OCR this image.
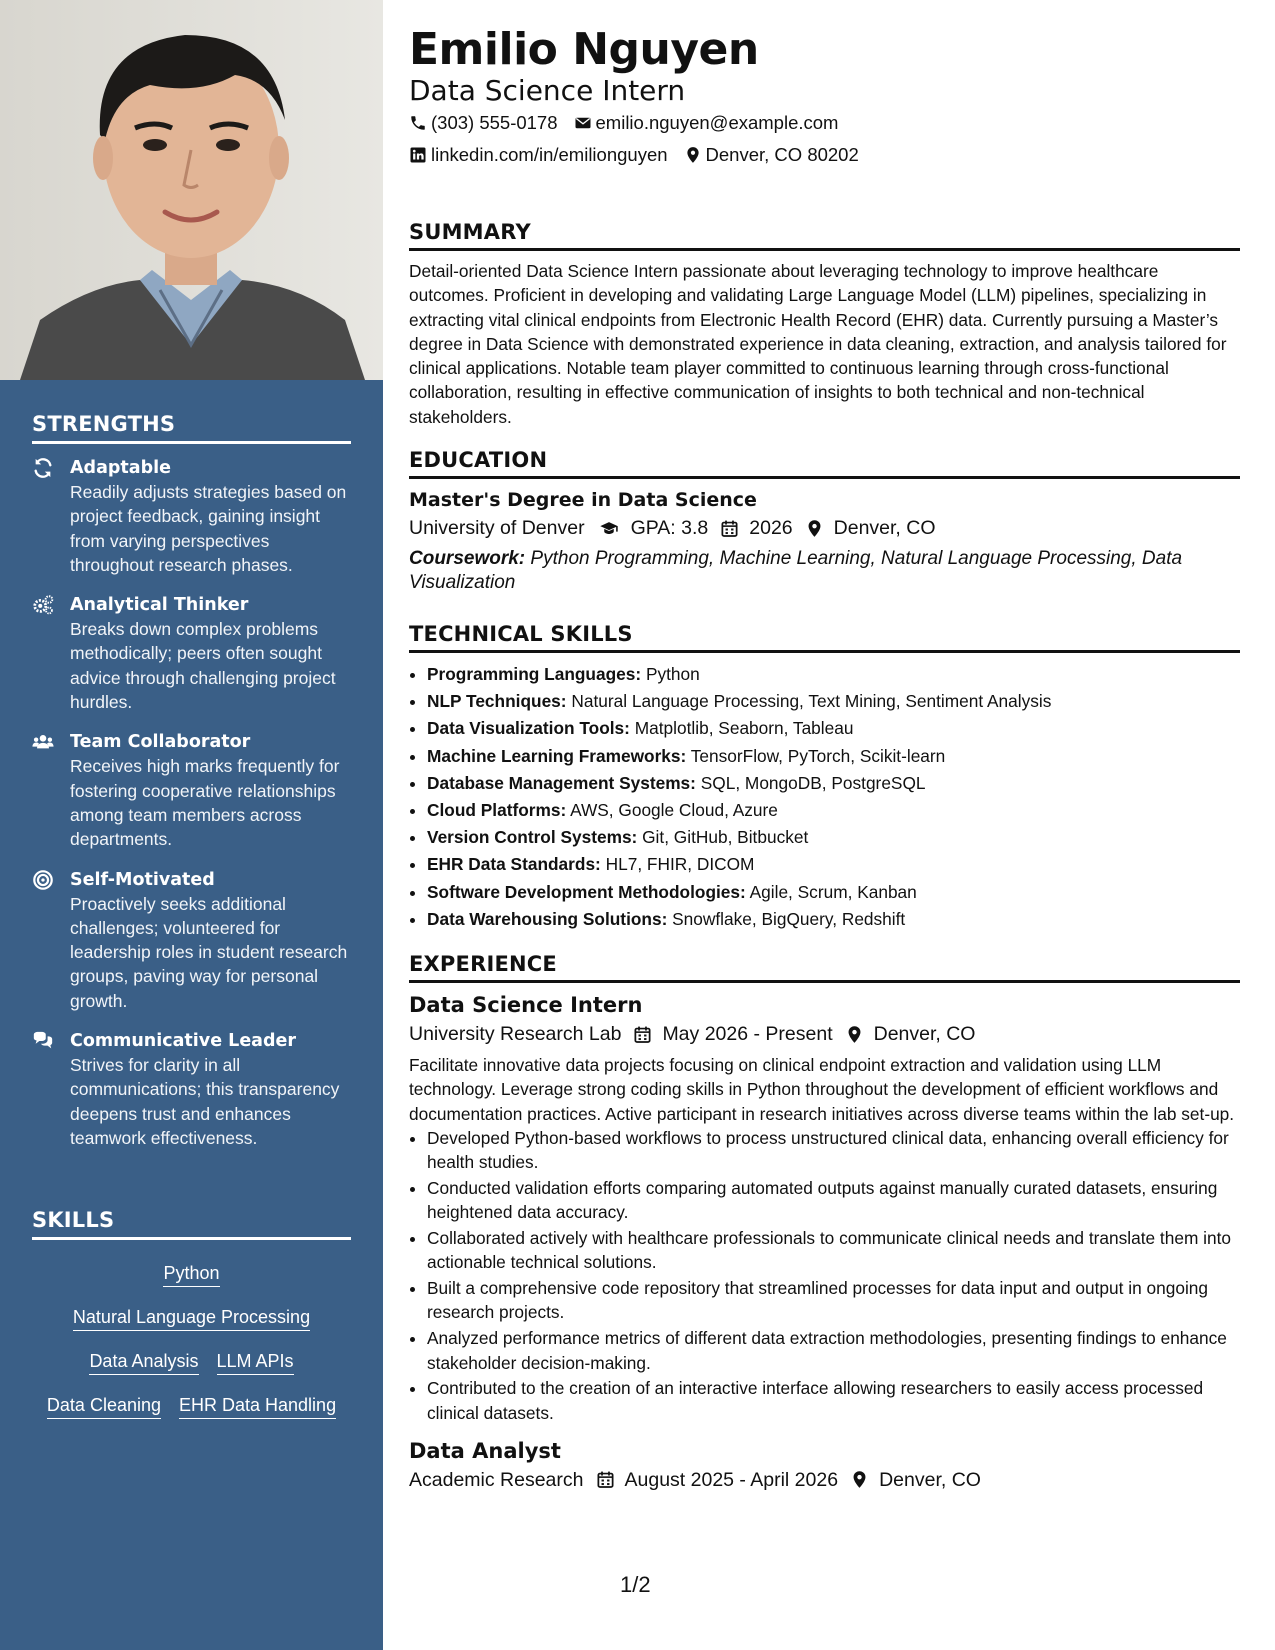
STRENGTHS
Adaptable
Readily adjusts strategies based on project feedback, gaining insight from varying perspectives throughout research phases.
Analytical Thinker
Breaks down complex problems methodically; peers often sought advice through challenging project hurdles.
Team Collaborator
Receives high marks frequently for fostering cooperative relationships among team members across departments.
Self-Motivated
Proactively seeks additional challenges; volunteered for leadership roles in student research groups, paving way for personal growth.
Communicative Leader
Strives for clarity in all communications; this transparency deepens trust and enhances teamwork effectiveness.
SKILLS
Python
Natural Language Processing
Data Analysis LLM APIs
Data Cleaning EHR Data Handling
Emilio Nguyen
Data Science Intern
(303) 555-0178 emilio.nguyen@example.com
linkedin.com/in/emilionguyen Denver, CO 80202
SUMMARY

Detail-oriented Data Science Intern passionate about leveraging technology to improve healthcare outcomes. Proficient in developing and validating Large Language Model (LLM) pipelines, specializing in extracting vital clinical endpoints from Electronic Health Record (EHR) data. Currently pursuing a Master’s degree in Data Science with demonstrated experience in data cleaning, extraction, and analysis tailored for clinical applications. Notable team player committed to continuous learning through cross-functional collaboration, resulting in effective communication of insights to both technical and non-technical stakeholders.

EDUCATION
Master's Degree in Data Science
University of Denver GPA: 3.8 2026 Denver, CO
Coursework: Python Programming, Machine Learning, Natural Language Processing, Data Visualization
TECHNICAL SKILLS
• Programming Languages: Python
• NLP Techniques: Natural Language Processing, Text Mining, Sentiment Analysis
• Data Visualization Tools: Matplotlib, Seaborn, Tableau
• Machine Learning Frameworks: TensorFlow, PyTorch, Scikit-learn
• Database Management Systems: SQL, MongoDB, PostgreSQL
• Cloud Platforms: AWS, Google Cloud, Azure
• Version Control Systems: Git, GitHub, Bitbucket
• EHR Data Standards: HL7, FHIR, DICOM
• Software Development Methodologies: Agile, Scrum, Kanban
• Data Warehousing Solutions: Snowflake, BigQuery, Redshift
EXPERIENCE
Data Science Intern
University Research Lab May 2026 - Present Denver, CO

Facilitate innovative data projects focusing on clinical endpoint extraction and validation using LLM technology. Leverage strong coding skills in Python throughout the development of efficient workflows and documentation practices. Active participant in research initiatives across diverse teams within the lab set-up.

• Developed Python-based workflows to process unstructured clinical data, enhancing overall efficiency for health studies.
• Conducted validation efforts comparing automated outputs against manually curated datasets, ensuring heightened data accuracy.
• Collaborated actively with healthcare professionals to communicate clinical needs and translate them into actionable technical solutions.
• Built a comprehensive code repository that streamlined processes for data input and output in ongoing research projects.
• Analyzed performance metrics of different data extraction methodologies, presenting findings to enhance stakeholder decision-making.
• Contributed to the creation of an interactive interface allowing researchers to easily access processed clinical datasets.
Data Analyst
Academic Research August 2025 - April 2026 Denver, CO
1/2
